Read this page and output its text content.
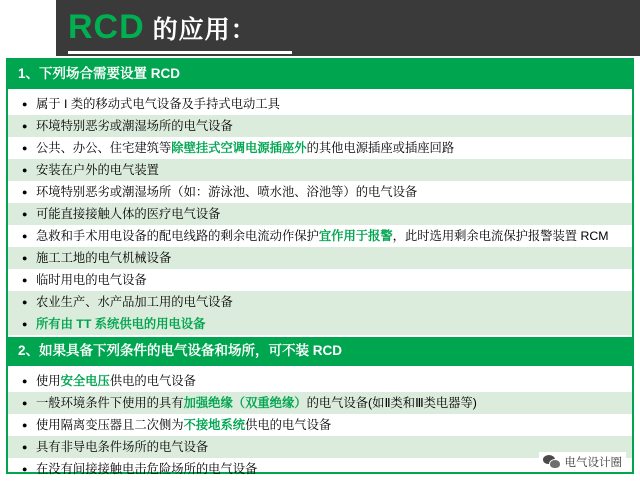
RCD 的应用：
1、下列场合需要设置 RCD
● 属于 I 类的移动式电气设备及手持式电动工具
● 环境特别恶劣或潮湿场所的电气设备
● 公共、办公、住宅建筑等除壁挂式空调电源插座外的其他电源插座或插座回路
● 安装在户外的电气装置
● 环境特别恶劣或潮湿场所（如：游泳池、喷水池、浴池等）的电气设备
● 可能直接接触人体的医疗电气设备
● 急救和手术用电设备的配电线路的剩余电流动作保护宜作用于报警，此时选用剩余电流保护报警装置 RCM
● 施工工地的电气机械设备
● 临时用电的电气设备
● 农业生产、水产品加工用的电气设备
● 所有由 TT 系统供电的用电设备
2、如果具备下列条件的电气设备和场所，可不装 RCD
● 使用安全电压供电的电气设备
● 一般环境条件下使用的具有加强绝缘（双重绝缘）的电气设备(如Ⅱ类和Ⅲ类电器等)
● 使用隔离变压器且二次侧为不接地系统供电的电气设备
● 具有非导电条件场所的电气设备
● 在没有间接接触电击危险场所的电气设备	电气设计圈
